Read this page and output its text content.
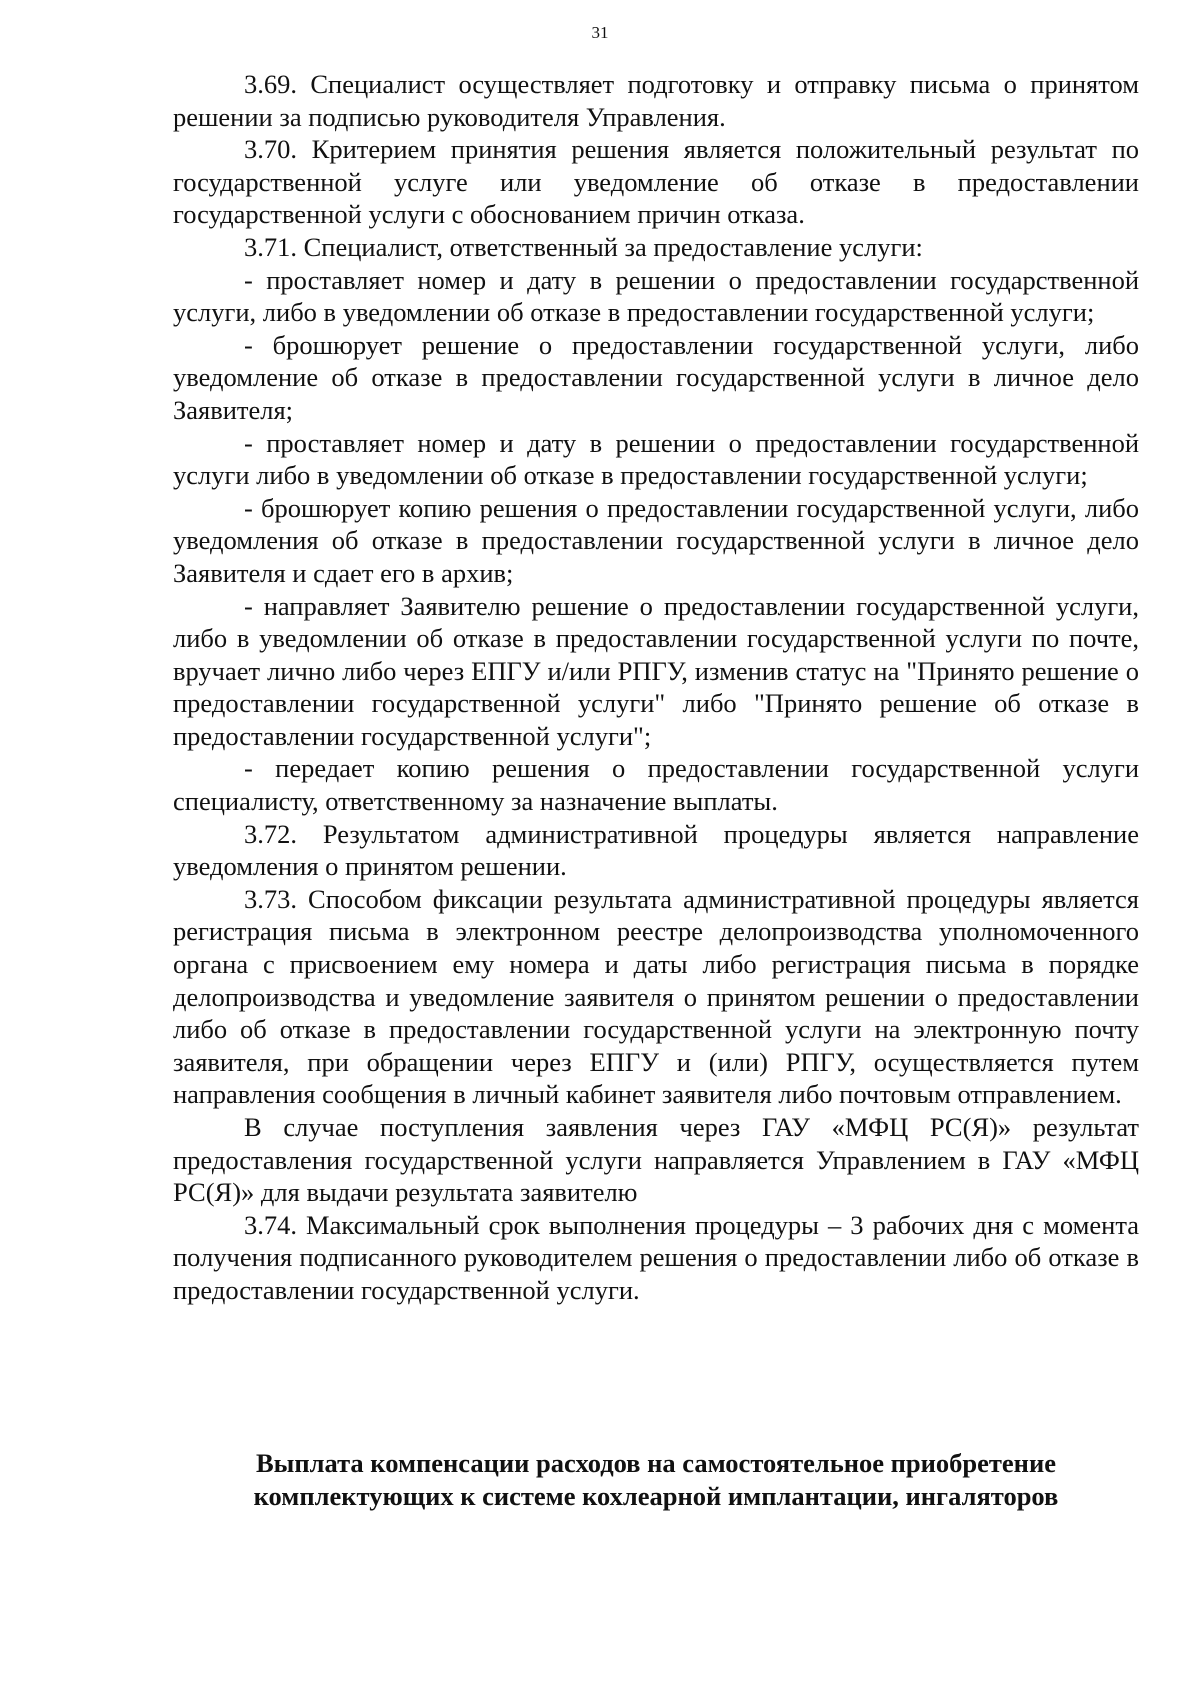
31

3.69. Специалист осуществляет подготовку и отправку письма о принятом решении за подписью руководителя Управления.

3.70. Критерием принятия решения является положительный результат по государственной услуге или уведомление об отказе в предоставлении государственной услуги с обоснованием причин отказа.

3.71. Специалист, ответственный за предоставление услуги:

- проставляет номер и дату в решении о предоставлении государственной услуги, либо в уведомлении об отказе в предоставлении государственной услуги;

- брошюрует решение о предоставлении государственной услуги, либо уведомление об отказе в предоставлении государственной услуги в личное дело Заявителя;

- проставляет номер и дату в решении о предоставлении государственной услуги либо в уведомлении об отказе в предоставлении государственной услуги;

- брошюрует копию решения о предоставлении государственной услуги, либо уведомления об отказе в предоставлении государственной услуги в личное дело Заявителя и сдает его в архив;

- направляет Заявителю решение о предоставлении государственной услуги, либо в уведомлении об отказе в предоставлении государственной услуги по почте, вручает лично либо через ЕПГУ и/или РПГУ, изменив статус на "Принято решение о предоставлении государственной услуги" либо "Принято решение об отказе в предоставлении государственной услуги";

- передает копию решения о предоставлении государственной услуги специалисту, ответственному за назначение выплаты.

3.72. Результатом административной процедуры является направление уведомления о принятом решении.

3.73. Способом фиксации результата административной процедуры является регистрация письма в электронном реестре делопроизводства уполномоченного органа с присвоением ему номера и даты либо регистрация письма в порядке делопроизводства и уведомление заявителя о принятом решении о предоставлении либо об отказе в предоставлении государственной услуги на электронную почту заявителя, при обращении через ЕПГУ и (или) РПГУ, осуществляется путем направления сообщения в личный кабинет заявителя либо почтовым отправлением.

В случае поступления заявления через ГАУ «МФЦ РС(Я)» результат предоставления государственной услуги направляется Управлением в ГАУ «МФЦ РС(Я)» для выдачи результата заявителю

3.74. Максимальный срок выполнения процедуры – 3 рабочих дня с момента получения подписанного руководителем решения о предоставлении либо об отказе в предоставлении государственной услуги.

Выплата компенсации расходов на самостоятельное приобретение
комплектующих к системе кохлеарной имплантации, ингаляторов
